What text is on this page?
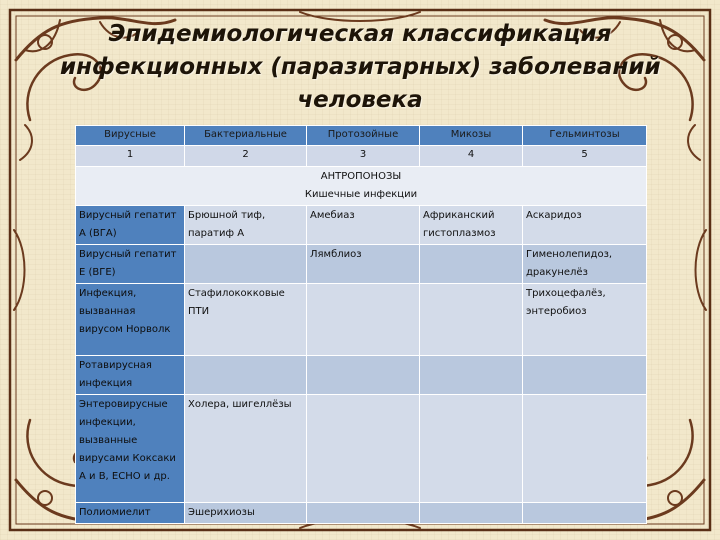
Эпидемиологическая классификация
инфекционных (паразитарных) заболеваний
человека
Вирусные	Бактериальные	Протозойные	Микозы	Гельминтозы
1	2	3	4	5

АНТРОПОНОЗЫ
Кишечные инфекции				

Вирусный гепатит А (ВГА)	Брюшной тиф, паратиф А	Амебиаз	Африканский гистоплазмоз	Аскаридоз
Вирусный гепатит Е (ВГЕ)		Лямблиоз		Гименолепидоз, дракунелёз
Инфекция, вызванная вирусом Норволк	Стафилококковые ПТИ			Трихоцефалёз, энтеробиоз
Ротавирусная инфекция				
Энтеровирусные инфекции, вызванные вирусами Коксаки А и В, ECHO и др.	Холера, шигеллёзы			
Полиомиелит	Эшерихиозы			
